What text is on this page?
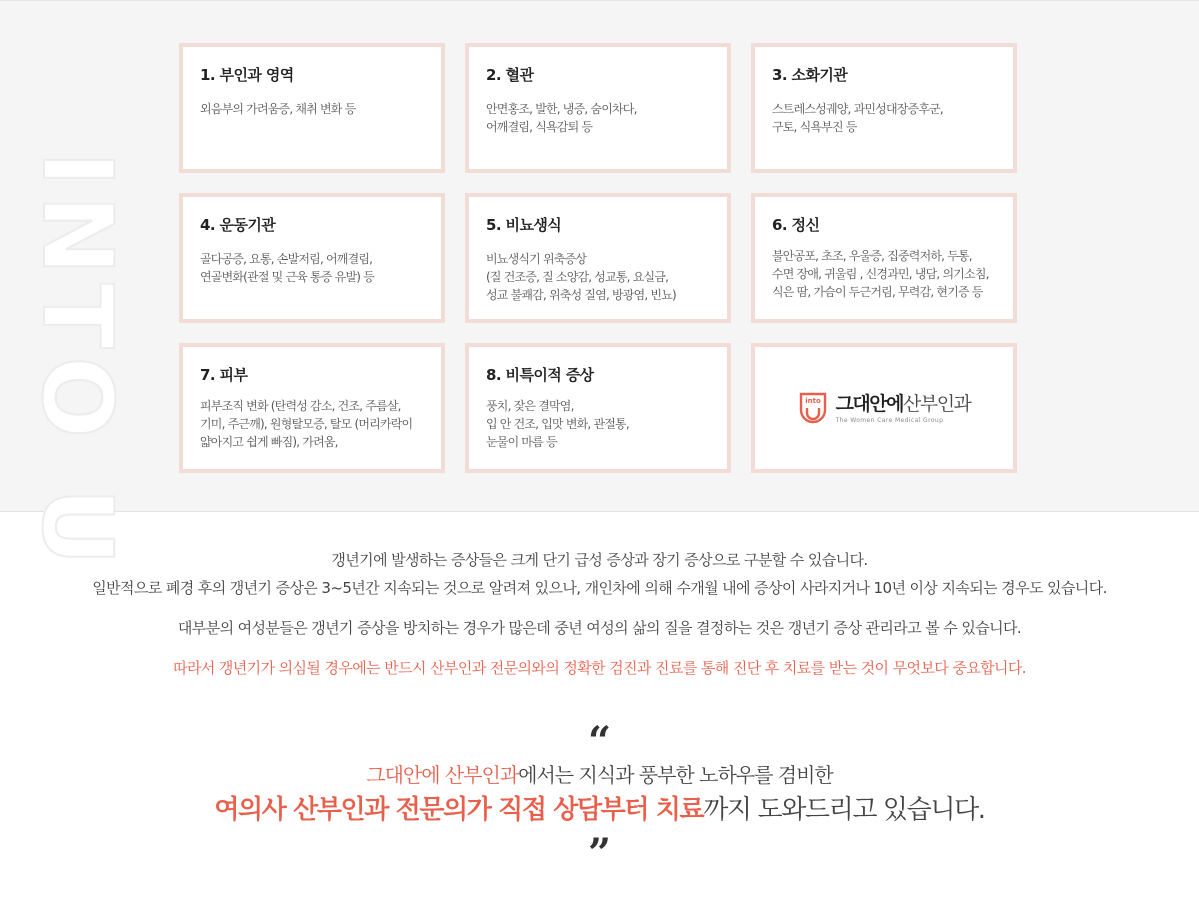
INTO U
1. 부인과 영역
외음부의 가려움증, 채취 변화 등
2. 혈관
안면홍조, 발한, 냉증, 숨이차다,
어깨결림, 식욕감퇴 등
3. 소화기관
스트레스성궤양, 과민성대장증후군,
구토, 식욕부진 등
4. 운동기관
골다공증, 요통, 손발저림, 어깨결림,
연골변화(관절 및 근육 통증 유발) 등
5. 비뇨생식
비뇨생식기 위축증상
(질 건조증, 질 소양감, 성교통, 요실금,
성교 불쾌감, 위축성 질염, 방광염, 빈뇨)
6. 정신
불안공포, 초조, 우울증, 집중력저하, 두통,
수면 장애, 귀울림 , 신경과민, 냉담, 의기소침,
식은 땀, 가슴이 두근거림, 무력감, 현기증 등
7. 피부
피부조직 변화 (탄력성 감소, 건조, 주름살,
기미, 주근깨), 원형탈모증, 탈모 (머리카락이
얇아지고 쉽게 빠짐), 가려움,
8. 비특이적 증상
풍치, 잦은 결막염,
입 안 건조, 입맛 변화, 관절통,
눈물이 마름 등
into 그대안에산부인과
The Women Care Medical Group

갱년기에 발생하는 증상들은 크게 단기 급성 증상과 장기 증상으로 구분할 수 있습니다.

일반적으로 폐경 후의 갱년기 증상은 3~5년간 지속되는 것으로 알려져 있으나, 개인차에 의해 수개월 내에 증상이 사라지거나 10년 이상 지속되는 경우도 있습니다.

대부분의 여성분들은 갱년기 증상을 방치하는 경우가 많은데 중년 여성의 삶의 질을 결정하는 것은 갱년기 증상 관리라고 볼 수 있습니다.

따라서 갱년기가 의심될 경우에는 반드시 산부인과 전문의와의 정확한 검진과 진료를 통해 진단 후 치료를 받는 것이 무엇보다 중요합니다.

“
그대안에 산부인과에서는 지식과 풍부한 노하우를 겸비한
여의사 산부인과 전문의가 직접 상담부터 치료까지 도와드리고 있습니다.
”
